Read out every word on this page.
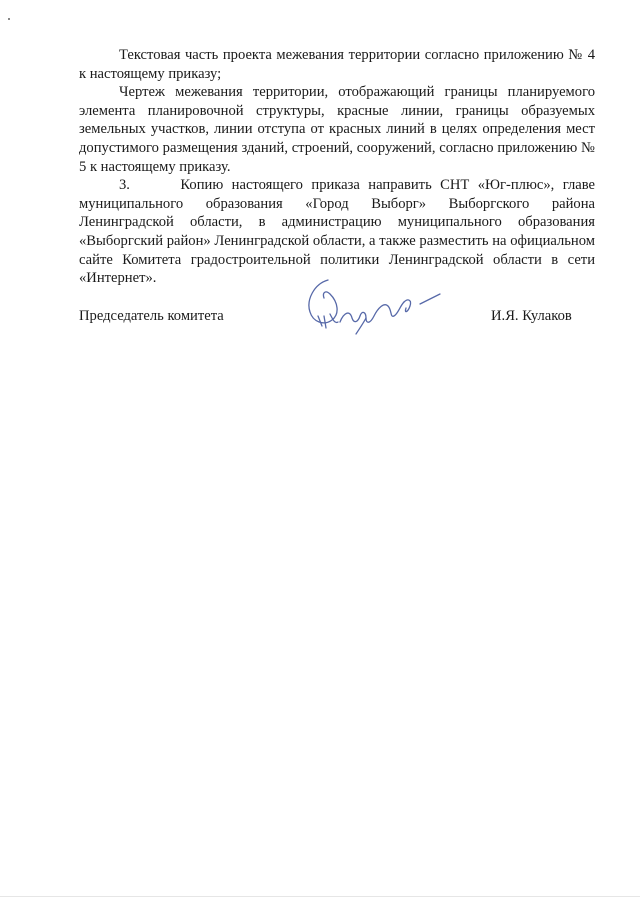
Текстовая часть проекта межевания территории согласно приложению № 4 к настоящему приказу;

Чертеж межевания территории, отображающий границы планируемого элемента планировочной структуры, красные линии, границы образуемых земельных участков, линии отступа от красных линий в целях определения мест допустимого размещения зданий, строений, сооружений, согласно приложению № 5 к настоящему приказу.

3.      Копию настоящего приказа направить СНТ «Юг-плюс», главе муниципального образования «Город Выборг» Выборгского района Ленинградской области, в администрацию муниципального образования «Выборгский район» Ленинградской области, а также разместить на официальном сайте Комитета градостроительной политики Ленинградской области в сети «Интернет».

Председатель комитета	И.Я. Кулаков
